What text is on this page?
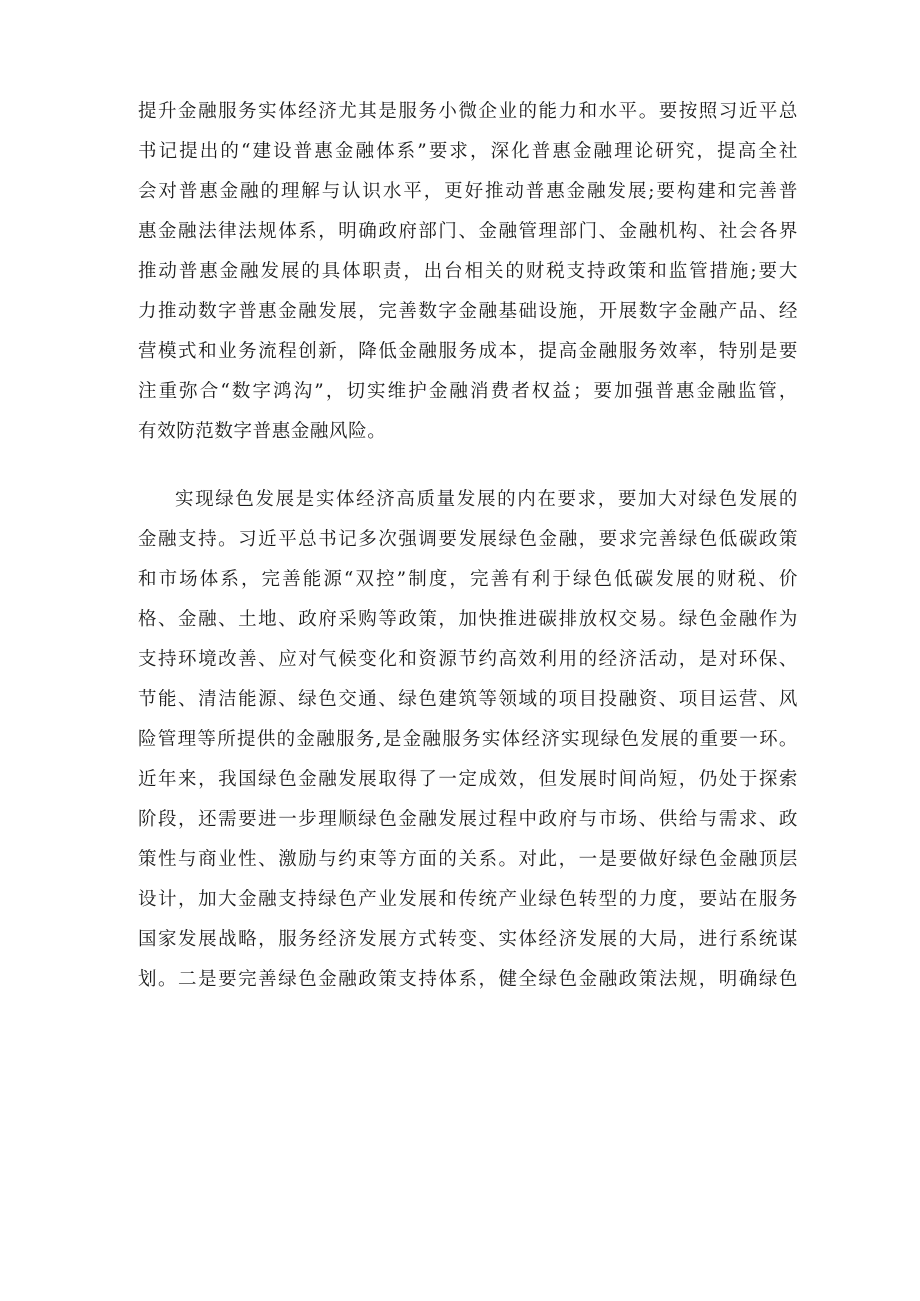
提升金融服务实体经济尤其是服务小微企业的能力和水平。要按照习近平总
书记提出的“建设普惠金融体系”要求，深化普惠金融理论研究，提高全社
会对普惠金融的理解与认识水平，更好推动普惠金融发展;要构建和完善普
惠金融法律法规体系，明确政府部门、金融管理部门、金融机构、社会各界
推动普惠金融发展的具体职责，出台相关的财税支持政策和监管措施;要大
力推动数字普惠金融发展，完善数字金融基础设施，开展数字金融产品、经
营模式和业务流程创新，降低金融服务成本，提高金融服务效率，特别是要
注重弥合“数字鸿沟”，切实维护金融消费者权益；要加强普惠金融监管，
有效防范数字普惠金融风险。
实现绿色发展是实体经济高质量发展的内在要求，要加大对绿色发展的
金融支持。习近平总书记多次强调要发展绿色金融，要求完善绿色低碳政策
和市场体系，完善能源“双控”制度，完善有利于绿色低碳发展的财税、价
格、金融、土地、政府采购等政策，加快推进碳排放权交易。绿色金融作为
支持环境改善、应对气候变化和资源节约高效利用的经济活动，是对环保、
节能、清洁能源、绿色交通、绿色建筑等领域的项目投融资、项目运营、风
险管理等所提供的金融服务,是金融服务实体经济实现绿色发展的重要一环。
近年来，我国绿色金融发展取得了一定成效，但发展时间尚短，仍处于探索
阶段，还需要进一步理顺绿色金融发展过程中政府与市场、供给与需求、政
策性与商业性、激励与约束等方面的关系。对此，一是要做好绿色金融顶层
设计，加大金融支持绿色产业发展和传统产业绿色转型的力度，要站在服务
国家发展战略，服务经济发展方式转变、实体经济发展的大局，进行系统谋
划。二是要完善绿色金融政策支持体系，健全绿色金融政策法规，明确绿色
